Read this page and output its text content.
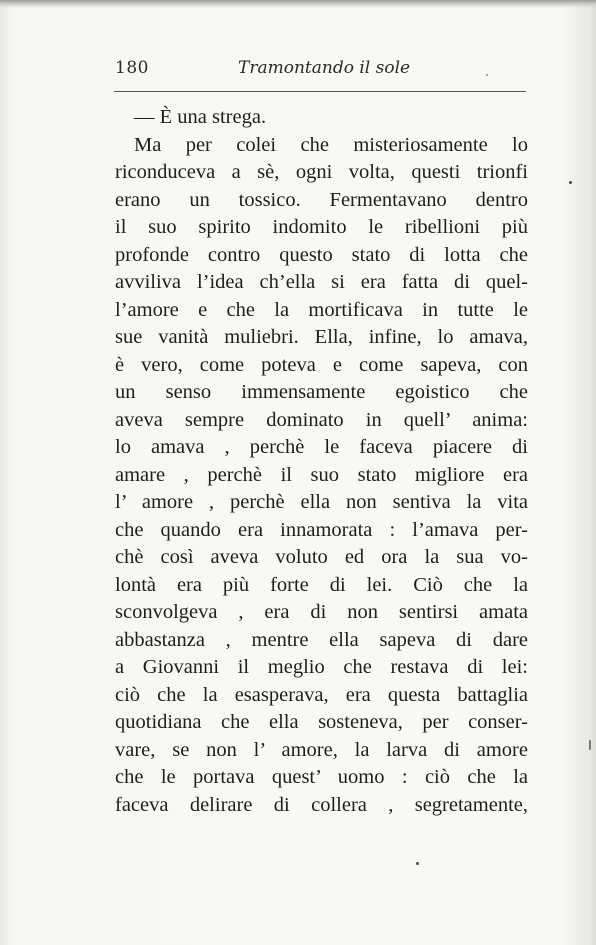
180	Tramontando il sole
— È una strega.
Ma per colei che misteriosamente lo
riconduceva a sè, ogni volta, questi trionfi
erano un tossico. Fermentavano dentro
il suo spirito indomito le ribellioni più
profonde contro questo stato di lotta che
avviliva l’idea ch’ella si era fatta di quel-
l’amore e che la mortificava in tutte le
sue vanità muliebri. Ella, infine, lo amava,
è vero, come poteva e come sapeva, con
un senso immensamente egoistico che
aveva sempre dominato in quell’ anima:
lo amava , perchè le faceva piacere di
amare , perchè il suo stato migliore era
l’ amore , perchè ella non sentiva la vita
che quando era innamorata : l’amava per-
chè così aveva voluto ed ora la sua vo-
lontà era più forte di lei. Ciò che la
sconvolgeva , era di non sentirsi amata
abbastanza , mentre ella sapeva di dare
a Giovanni il meglio che restava di lei:
ciò che la esasperava, era questa battaglia
quotidiana che ella sosteneva, per conser-
vare, se non l’ amore, la larva di amore
che le portava quest’ uomo : ciò che la
faceva delirare di collera , segretamente,
